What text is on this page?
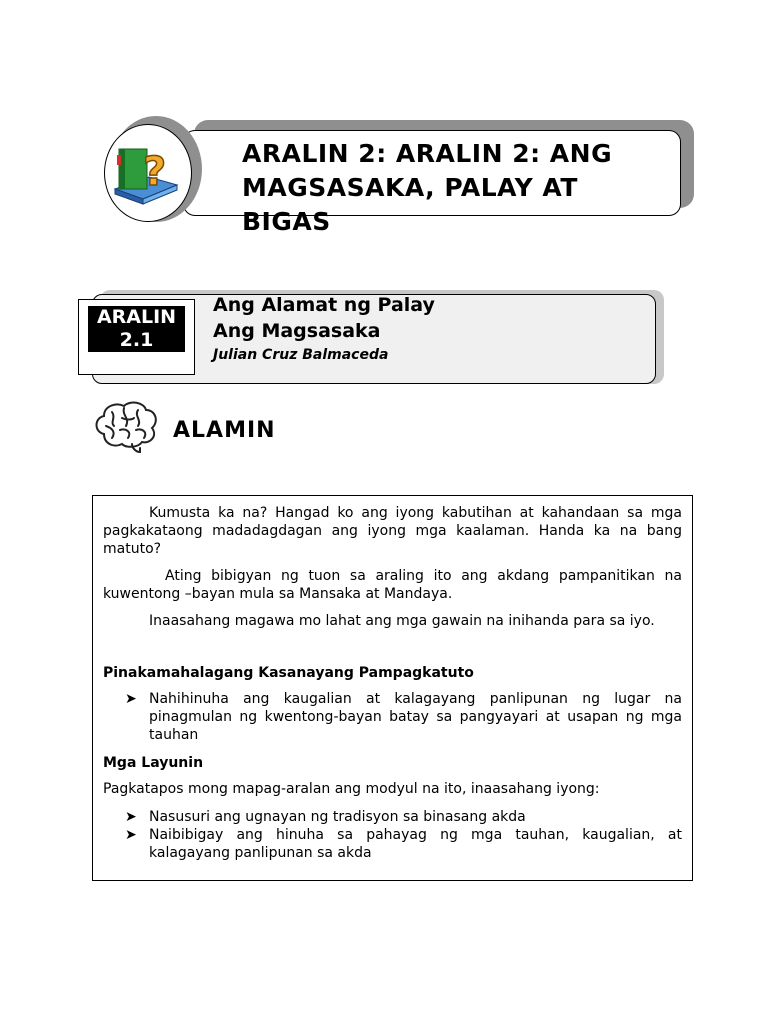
ARALIN 2: ARALIN 2: ANG MAGSASAKA, PALAY AT BIGAS
?
Ang Alamat ng Palay
Ang Magsasaka
Julian Cruz Balmaceda
ARALIN
2.1
ALAMIN

Kumusta ka na? Hangad ko ang iyong kabutihan at kahandaan sa mga pagkakataong madadagdagan ang iyong mga kaalaman. Handa ka na bang matuto?

Ating bibigyan ng tuon sa araling ito ang akdang pampanitikan na kuwentong –bayan mula sa Mansaka at Mandaya.

Inaasahang magawa mo lahat ang mga gawain na inihanda para sa iyo.

Pinakamahalagang Kasanayang Pampagkatuto

➤ Nahihinuha ang kaugalian at kalagayang panlipunan ng lugar na pinagmulan ng kwentong-bayan batay sa pangyayari at usapan ng mga tauhan

Mga Layunin

Pagkatapos mong mapag-aralan ang modyul na ito, inaasahang iyong:

➤ Nasusuri ang ugnayan ng tradisyon sa binasang akda
➤ Naibibigay ang hinuha sa pahayag ng mga tauhan, kaugalian, at kalagayang panlipunan sa akda
